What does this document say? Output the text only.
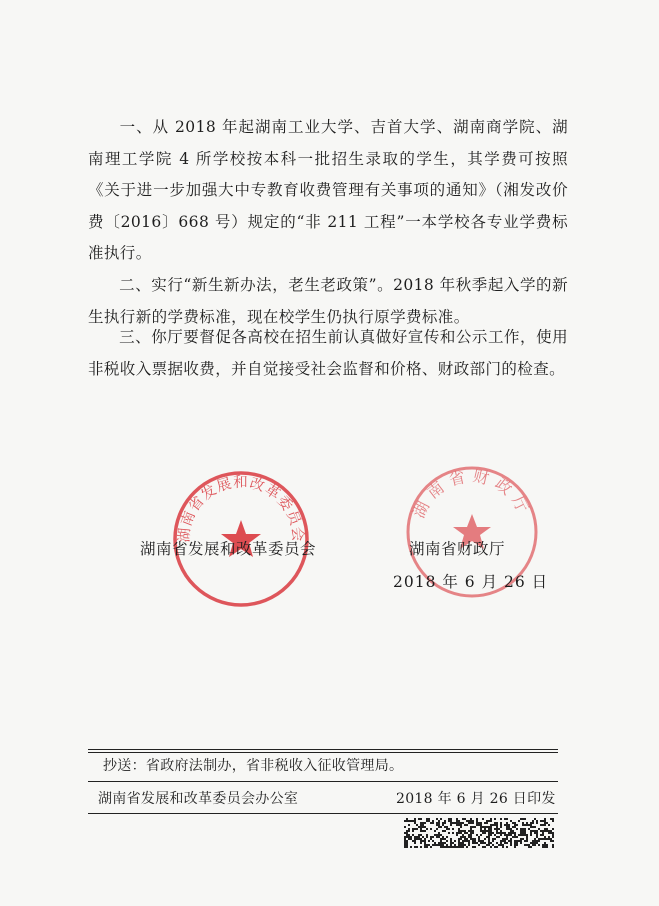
一、从 2018 年起湖南工业大学、吉首大学、湖南商学院、湖南理工学院 4 所学校按本科一批招生录取的学生，其学费可按照《关于进一步加强大中专教育收费管理有关事项的通知》（湘发改价费〔2016〕668 号）规定的“非 211 工程”一本学校各专业学费标准执行。
二、实行“新生新办法，老生老政策”。2018 年秋季起入学的新生执行新的学费标准，现在校学生仍执行原学费标准。
三、你厅要督促各高校在招生前认真做好宣传和公示工作，使用非税收入票据收费，并自觉接受社会监督和价格、财政部门的检查。
湖南省发展和改革委员会
湖南省财政厅
湖南省发展和改革委员会	湖南省财政厅
2018 年 6 月 26 日
抄送：省政府法制办，省非税收入征收管理局。
湖南省发展和改革委员会办公室	2018 年 6 月 26 日印发
